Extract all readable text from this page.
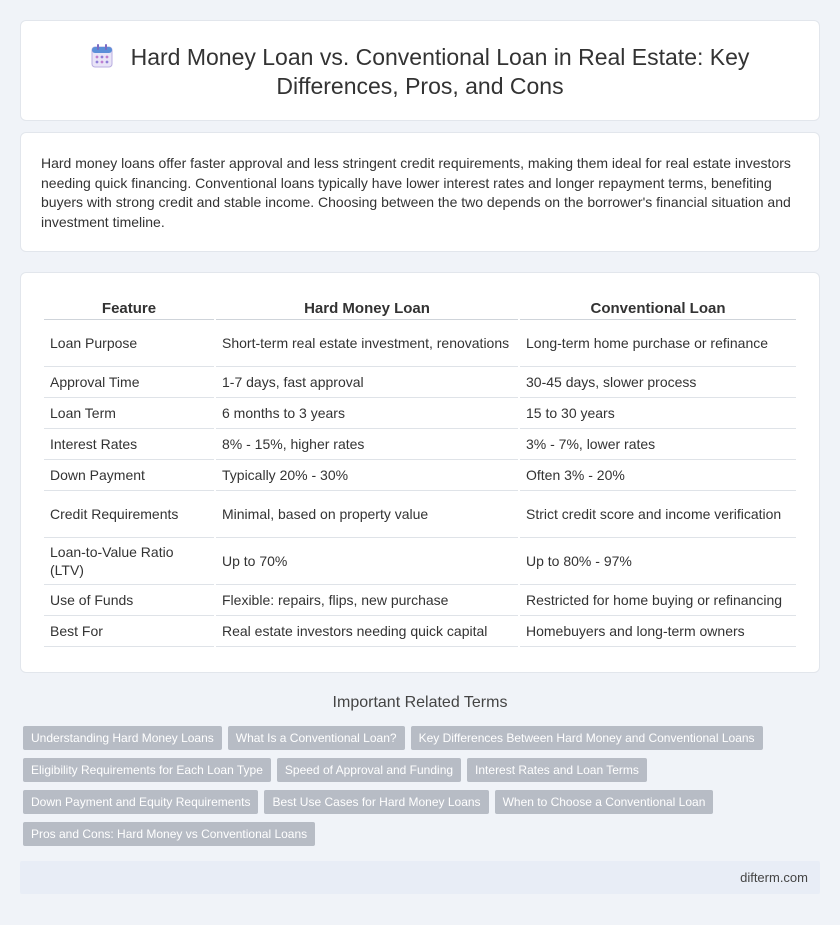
Hard Money Loan vs. Conventional Loan in Real Estate: Key Differences, Pros, and Cons

Hard money loans offer faster approval and less stringent credit requirements, making them ideal for real estate investors needing quick financing. Conventional loans typically have lower interest rates and longer repayment terms, benefiting buyers with strong credit and stable income. Choosing between the two depends on the borrower's financial situation and investment timeline.

Feature	Hard Money Loan	Conventional Loan
Loan Purpose	Short-term real estate investment, renovations	Long-term home purchase or refinance
Approval Time	1-7 days, fast approval	30-45 days, slower process
Loan Term	6 months to 3 years	15 to 30 years
Interest Rates	8% - 15%, higher rates	3% - 7%, lower rates
Down Payment	Typically 20% - 30%	Often 3% - 20%
Credit Requirements	Minimal, based on property value	Strict credit score and income verification
Loan-to-Value Ratio (LTV)	Up to 70%	Up to 80% - 97%
Use of Funds	Flexible: repairs, flips, new purchase	Restricted for home buying or refinancing
Best For	Real estate investors needing quick capital	Homebuyers and long-term owners
Important Related Terms
Understanding Hard Money Loans What Is a Conventional Loan? Key Differences Between Hard Money and Conventional Loans
Eligibility Requirements for Each Loan Type Speed of Approval and Funding Interest Rates and Loan Terms
Down Payment and Equity Requirements Best Use Cases for Hard Money Loans When to Choose a Conventional Loan
Pros and Cons: Hard Money vs Conventional Loans
difterm.com
